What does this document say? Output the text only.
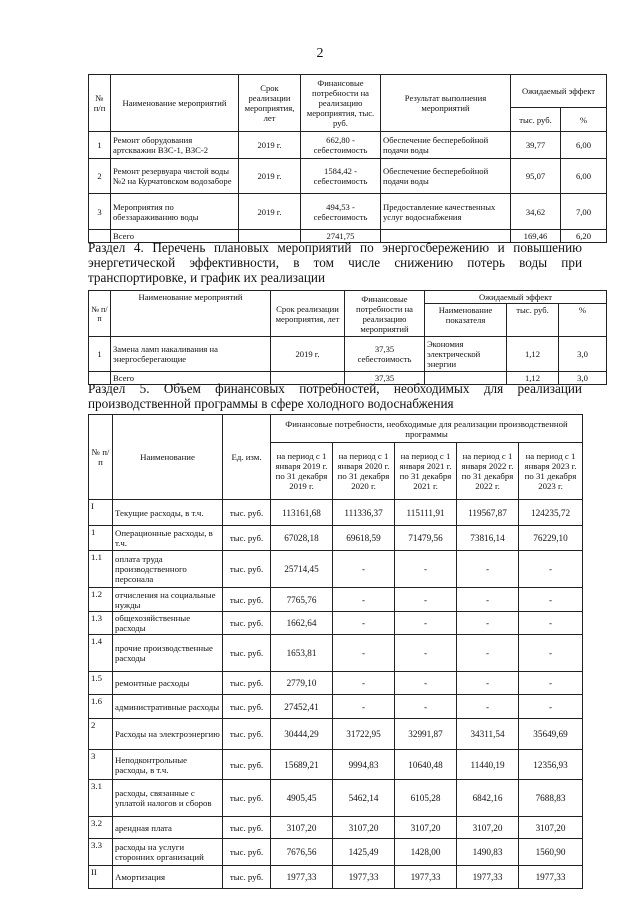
2
№ п/п	Наименование мероприятий	Срок реализации мероприятия, лет	Финансовые потребности на реализацию мероприятия, тыс. руб.	Результат выполнения мероприятий	Ожидаемый эффект	
					тыс. руб.	%
1	Ремонт оборудования артскважин ВЗС-1, ВЗС-2	2019 г.	662,80 - себестоимость	Обеспечение бесперебойной подачи воды	39,77	6,00
2	Ремонт резервуара чистой воды №2 на Курчатовском водозаборе	2019 г.	1584,42 - себестоимость	Обеспечение бесперебойной подачи воды	95,07	6,00
3	Мероприятия по обеззараживанию воды	2019 г.	494,53 - себестоимость	Предоставление качественных услуг водоснабжения	34,62	7,00
	Всего		2741,75		169,46	6,20

Раздел 4. Перечень плановых мероприятий по энергосбережению и повышению энергетической эффективности, в том числе снижению потерь воды при транспортировке, и график их реализации

№ п/п	Наименование мероприятий	Срок реализации мероприятия, лет	Финансовые потребности на реализацию мероприятий	Ожидаемый эффект		
				Наименование показателя	тыс. руб.	%
1	Замена ламп накаливания на энергосберегающие	2019 г.	37,35 себестоимость	Экономия электрической энергии	1,12	3,0
	Всего		37,35		1,12	3,0

Раздел 5. Объем финансовых потребностей, необходимых для реализации производственной программы в сфере холодного водоснабжения

№ п/п	Наименование	Ед. изм.	Финансовые потребности, необходимые для реализации производственной программы				
			на период с 1 января 2019 г. по 31 декабря 2019 г.	на период с 1 января 2020 г. по 31 декабря 2020 г.	на период с 1 января 2021 г. по 31 декабря 2021 г.	на период с 1 января 2022 г. по 31 декабря 2022 г.	на период с 1 января 2023 г. по 31 декабря 2023 г.
I	Текущие расходы, в т.ч.	тыс. руб.	113161,68	111336,37	115111,91	119567,87	124235,72
1	Операционные расходы, в т.ч.	тыс. руб.	67028,18	69618,59	71479,56	73816,14	76229,10
1.1	оплата труда производственного персонала	тыс. руб.	25714,45	-	-	-	-
1.2	отчисления на социальные нужды	тыс. руб.	7765,76	-	-	-	-
1.3	общехозяйственные расходы	тыс. руб.	1662,64	-	-	-	-
1.4	прочие производственные расходы	тыс. руб.	1653,81	-	-	-	-
1.5	ремонтные расходы	тыс. руб.	2779,10	-	-	-	-
1.6	административные расходы	тыс. руб.	27452,41	-	-	-	-
2	Расходы на электроэнергию	тыс. руб.	30444,29	31722,95	32991,87	34311,54	35649,69
3	Неподконтрольные расходы, в т.ч.	тыс. руб.	15689,21	9994,83	10640,48	11440,19	12356,93
3.1	расходы, связанные с уплатой налогов и сборов	тыс. руб.	4905,45	5462,14	6105,28	6842,16	7688,83
3.2	арендная плата	тыс. руб.	3107,20	3107,20	3107,20	3107,20	3107,20
3.3	расходы на услуги сторонних организаций	тыс. руб.	7676,56	1425,49	1428,00	1490,83	1560,90
II	Амортизация	тыс. руб.	1977,33	1977,33	1977,33	1977,33	1977,33
